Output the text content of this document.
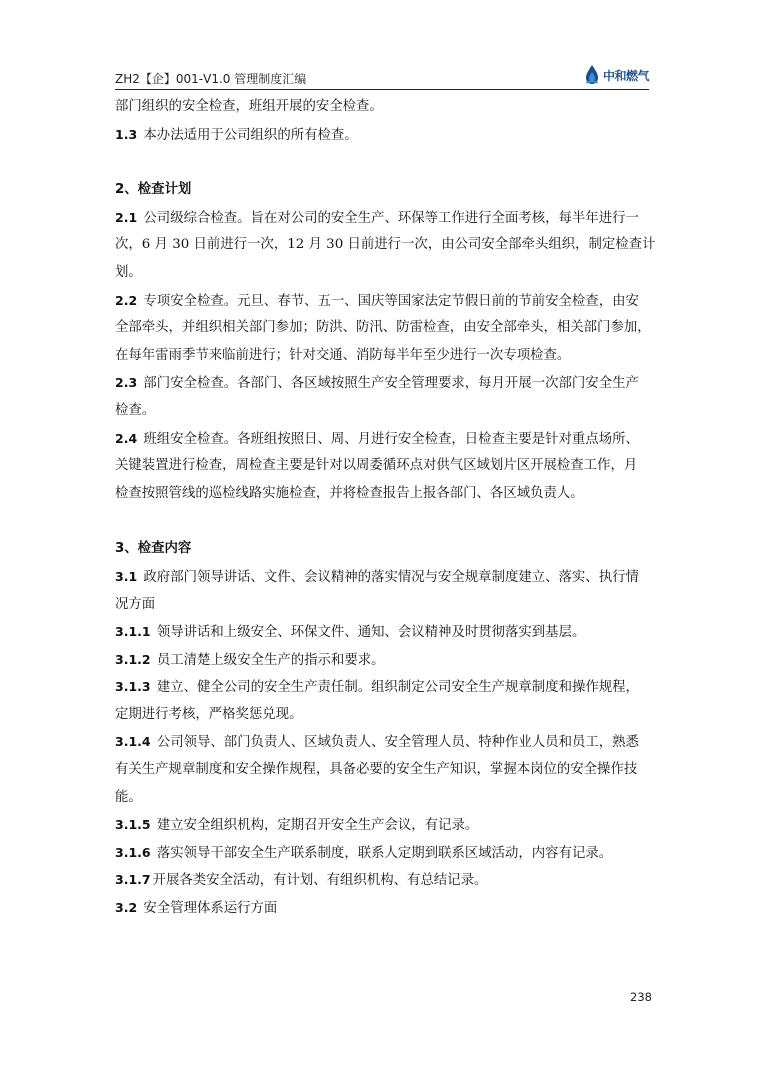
ZH2【企】001-V1.0 管理制度汇编	中和燃气
部门组织的安全检查，班组开展的安全检查。
1.3 本办法适用于公司组织的所有检查。
2、检查计划
2.1 公司级综合检查。旨在对公司的安全生产、环保等工作进行全面考核，每半年进行一
次，6 月 30 日前进行一次，12 月 30 日前进行一次，由公司安全部牵头组织，制定检查计
划。
2.2 专项安全检查。元旦、春节、五一、国庆等国家法定节假日前的节前安全检查，由安
全部牵头，并组织相关部门参加；防洪、防汛、防雷检查，由安全部牵头，相关部门参加，
在每年雷雨季节来临前进行；针对交通、消防每半年至少进行一次专项检查。
2.3 部门安全检查。各部门、各区域按照生产安全管理要求，每月开展一次部门安全生产
检查。
2.4 班组安全检查。各班组按照日、周、月进行安全检查，日检查主要是针对重点场所、
关键装置进行检查，周检查主要是针对以周委循环点对供气区域划片区开展检查工作，月
检查按照管线的巡检线路实施检查，并将检查报告上报各部门、各区域负责人。
3、检查内容
3.1 政府部门领导讲话、文件、会议精神的落实情况与安全规章制度建立、落实、执行情
况方面
3.1.1 领导讲话和上级安全、环保文件、通知、会议精神及时贯彻落实到基层。
3.1.2 员工清楚上级安全生产的指示和要求。
3.1.3 建立、健全公司的安全生产责任制。组织制定公司安全生产规章制度和操作规程，
定期进行考核，严格奖惩兑现。
3.1.4 公司领导、部门负责人、区域负责人、安全管理人员、特种作业人员和员工，熟悉
有关生产规章制度和安全操作规程，具备必要的安全生产知识，掌握本岗位的安全操作技
能。
3.1.5 建立安全组织机构，定期召开安全生产会议，有记录。
3.1.6 落实领导干部安全生产联系制度，联系人定期到联系区域活动，内容有记录。
3.1.7 开展各类安全活动，有计划、有组织机构、有总结记录。
3.2 安全管理体系运行方面
238
